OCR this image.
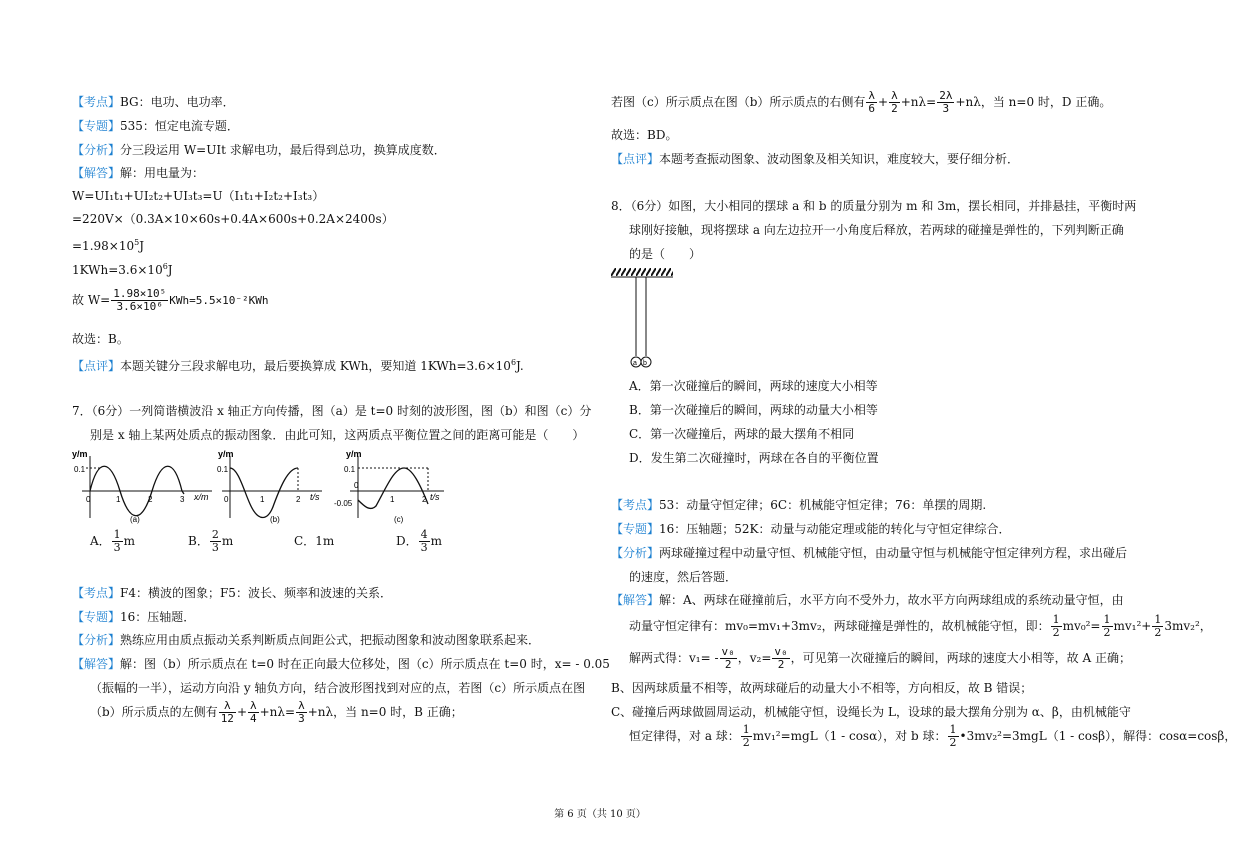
【考点】BG：电功、电功率．
【专题】535：恒定电流专题．
【分析】分三段运用 W=UIt 求解电功，最后得到总功，换算成度数．
【解答】解：用电量为：
W=UI₁t₁+UI₂t₂+UI₃t₃=U（I₁t₁+I₂t₂+I₃t₃）
=220V×（0.3A×10×60s+0.4A×600s+0.2A×2400s）
$=1.98\times 10^5J$
$1KWh=3.6\times 10^6J$
故 $W= \frac{\text{1.98×10⁵}}{\text{3.6×10⁶}} KWh=5.5\times 10^{-2}KWh$
故选：B。
【点评】本题关键分三段求解电功，最后要换算成 KWh，要知道 $1KWh=3.6\times 10^6J$.
7．（6分）一列简谐横波沿 x 轴正方向传播，图（a）是 t=0 时刻的波形图，图（b）和图（c）分
别是 x 轴上某两处质点的振动图象．由此可知，这两质点平衡位置之间的距离可能是（　　）
y/m
0.1
0	1	2	3 x/m
(a)
y/m
0.1
0	1	2 t/s
(b)
y/m
0.1
-0.05
0
1	2 t/s
(c)
A． $\frac{1}{3}$ m	B． $\frac{2}{3}$ m	C．1m	D． $\frac{4}{3}$ m
【考点】F4：横波的图象；F5：波长、频率和波速的关系．
【专题】16：压轴题．
【分析】熟练应用由质点振动关系判断质点间距公式，把振动图象和波动图象联系起来．
【解答】解：图（b）所示质点在 t=0 时在正向最大位移处，图（c）所示质点在 t=0 时，x= - 0.05
（振幅的一半），运动方向沿 y 轴负方向，结合波形图找到对应的点，若图（c）所示质点在图
（b）所示质点的左侧有 $\frac{\lambda}{12} + \frac{\lambda}{4} +n\lambda= \frac{\lambda}{3} +n\lambda$，当 n=0 时，B 正确；
若图（c）所示质点在图（b）所示质点的右侧有 $\frac{\lambda}{6} + \frac{\lambda}{2} +n\lambda= \frac{2\lambda}{3} +n\lambda$，当 n=0 时，D 正确。
故选：BD。
【点评】本题考查振动图象、波动图象及相关知识，难度较大，要仔细分析．
8．（6分）如图，大小相同的摆球 a 和 b 的质量分别为 m 和 3m，摆长相同，并排悬挂，平衡时两
球刚好接触，现将摆球 a 向左边拉开一小角度后释放，若两球的碰撞是弹性的，下列判断正确
的是（　　）
a b
A．第一次碰撞后的瞬间，两球的速度大小相等
B．第一次碰撞后的瞬间，两球的动量大小相等
C．第一次碰撞后，两球的最大摆角不相同
D．发生第二次碰撞时，两球在各自的平衡位置
【考点】53：动量守恒定律；6C：机械能守恒定律；76：单摆的周期.
【专题】16：压轴题；52K：动量与动能定理或能的转化与守恒定律综合．
【分析】两球碰撞过程中动量守恒、机械能守恒，由动量守恒与机械能守恒定律列方程，求出碰后
的速度，然后答题．
【解答】解：A、两球在碰撞前后，水平方向不受外力，故水平方向两球组成的系统动量守恒，由
动量守恒定律有：mv₀=mv₁+3mv₂，两球碰撞是弹性的，故机械能守恒，即： $\frac{1}{2} mv_0^2= \frac{1}{2} mv_1^2+ \frac{1}{2} 3mv_2^2$，
解两式得：$v_1= - \frac{\text{v₀}}{2}$ ，$v_2= \frac{\text{v₀}}{2}$ ，可见第一次碰撞后的瞬间，两球的速度大小相等，故 A 正确；
B、因两球质量不相等，故两球碰后的动量大小不相等，方向相反，故 B 错误；
C、碰撞后两球做圆周运动，机械能守恒，设绳长为 L，设球的最大摆角分别为 α、β，由机械能守
恒定律得，对 a 球： $\frac{1}{2} mv_1^2=mgL(1 - \cos\alpha)$，对 b 球： $\frac{1}{2}$ •3mv₂²=3mgL（1 - cosβ），解得：cosα=cosβ，
第 6 页（共 10 页）
